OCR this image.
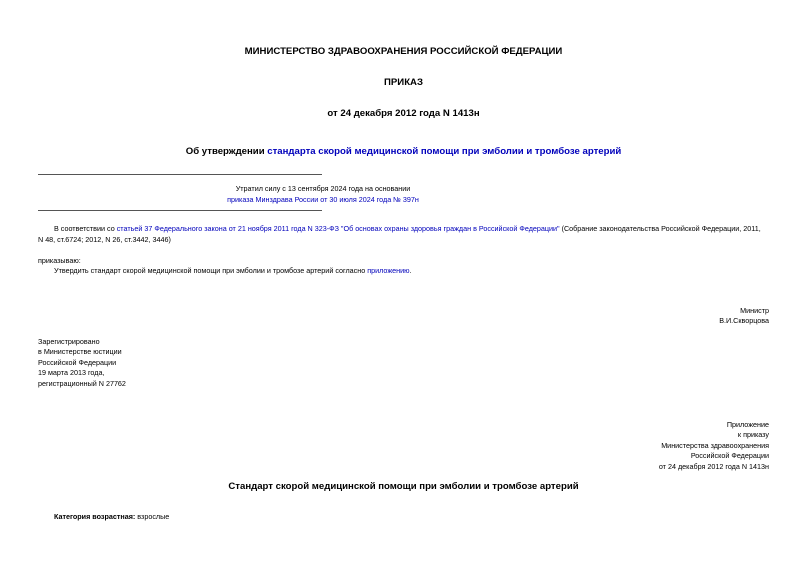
МИНИСТЕРСТВО ЗДРАВООХРАНЕНИЯ РОССИЙСКОЙ ФЕДЕРАЦИИ
ПРИКАЗ
от 24 декабря 2012 года N 1413н
Об утверждении стандарта скорой медицинской помощи при эмболии и тромбозе артерий
Утратил силу с 13 сентября 2024 года на основании
приказа Минздрава России от 30 июля 2024 года № 397н
В соответствии со статьей 37 Федерального закона от 21 ноября 2011 года N 323-ФЗ "Об основах охраны здоровья граждан в Российской Федерации" (Собрание законодательства Российской Федерации, 2011,
N 48, ст.6724; 2012, N 26, ст.3442, 3446)
приказываю:
Утвердить стандарт скорой медицинской помощи при эмболии и тромбозе артерий согласно приложению.
Министр
В.И.Скворцова
Зарегистрировано
в Министерстве юстиции
Российской Федерации
19 марта 2013 года,
регистрационный N 27762
Приложение
к приказу
Министерства здравоохранения
Российской Федерации
от 24 декабря 2012 года N 1413н
Стандарт скорой медицинской помощи при эмболии и тромбозе артерий
Категория возрастная: взрослые
